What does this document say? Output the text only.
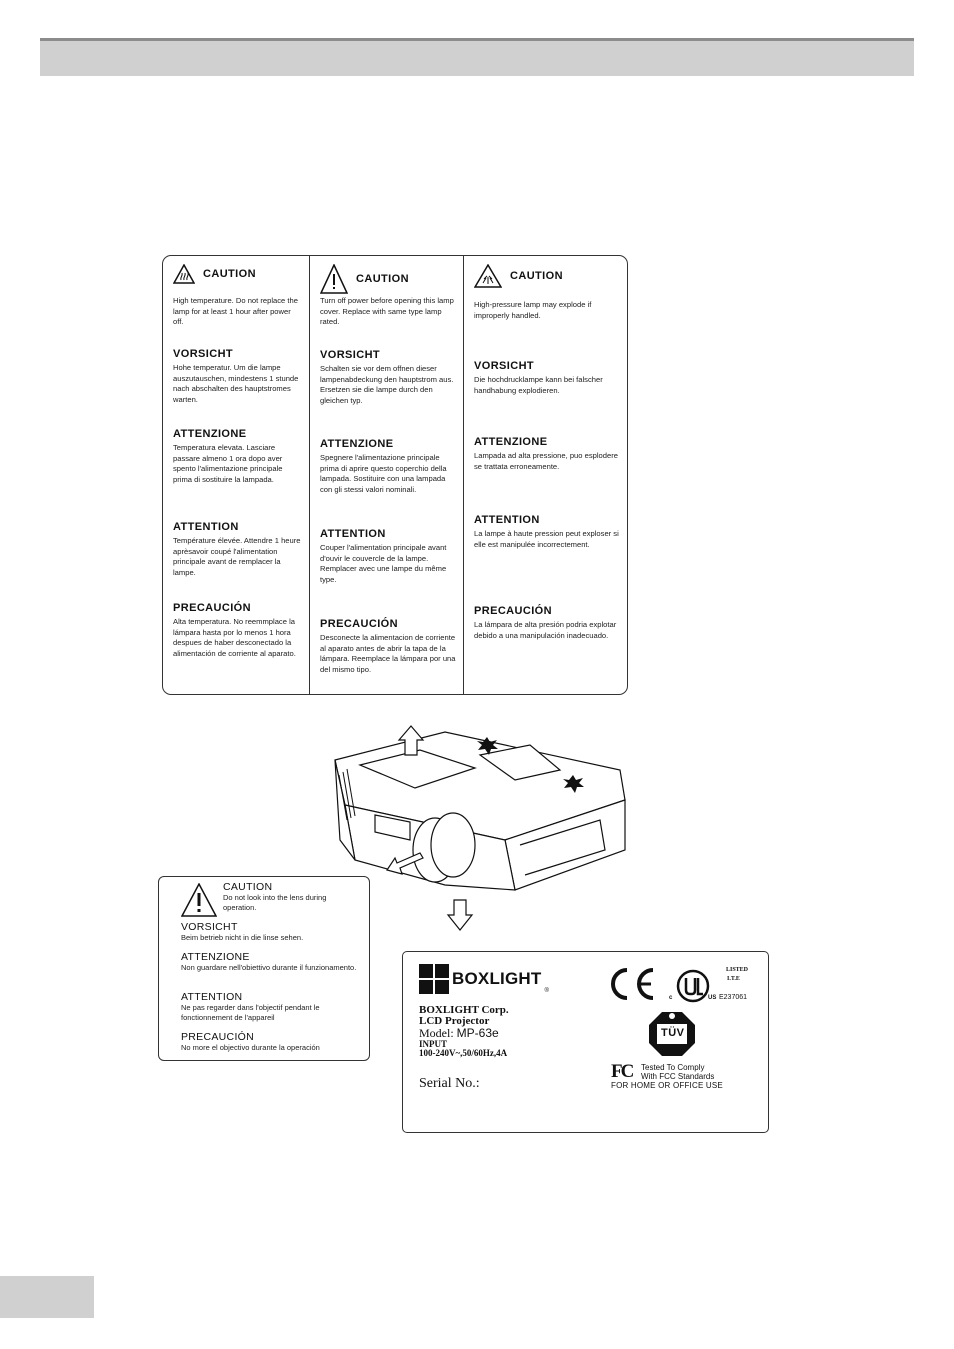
CAUTION

High temperature. Do not replace the lamp for at least 1 hour after power off.

VORSICHT

Hohe temperatur. Um die lampe auszutauschen, mindestens 1 stunde nach abschalten des hauptstromes warten.

ATTENZIONE

Temperatura elevata. Lasciare passare almeno 1 ora dopo aver spento l'alimentazione principale prima di sostituire la lampada.

ATTENTION

Température élevée. Attendre 1 heure aprèsavoir coupé l'alimentation principale avant de remplacer la lampe.

PRECAUCIÓN

Alta temperatura. No reemmplace la lámpara hasta por lo menos 1 hora despues de haber desconectado la alimentación de corriente al aparato.

CAUTION

Turn off power before opening this lamp cover. Replace with same type lamp rated.

VORSICHT

Schalten sie vor dem offnen dieser lampenabdeckung den hauptstrom aus. Ersetzen sie die lampe durch den gleichen typ.

ATTENZIONE

Spegnere l'alimentazione principale prima di aprire questo coperchio della lampada. Sostituire con una lampada con gli stessi valori nominali.

ATTENTION

Couper l'alimentation principale avant d'ouvir le couvercle de la lampe. Remplacer avec une lampe du même type.

PRECAUCIÓN

Desconecte la alimentacion de corriente al aparato antes de abrir la tapa de la lámpara. Reemplace la lámpara por una del mismo tipo.

CAUTION

High-pressure lamp may explode if improperly handled.

VORSICHT

Die hochdrucklampe kann bei falscher handhabung explodieren.

ATTENZIONE

Lampada ad alta pressione, puo esplodere se trattata erroneamente.

ATTENTION

La lampe à haute pression peut exploser si elle est manipulée incorrectement.

PRECAUCIÓN

La lámpara de alta presión podria explotar debido a una manipulación inadecuado.

CAUTION
Do not look into the lens during operation.
VORSICHT
Beim betrieb nicht in die linse sehen.
ATTENZIONE
Non guardare nell'obiettivo durante il funzionamento.
ATTENTION
Ne pas regarder dans l'objectif pendant le fonctionnement de l'appareil
PRECAUCIÓN
No more el objectivo durante la operación
BOXLIGHT
®
BOXLIGHT Corp.
LCD Projector
Model: MP-63e
INPUT
100-240V~,50/60Hz,4A
Serial No.:
c	US
LISTED
I.T.E
E237061
TÜV
FC Tested To Comply
With FCC Standards
FOR HOME OR OFFICE USE
